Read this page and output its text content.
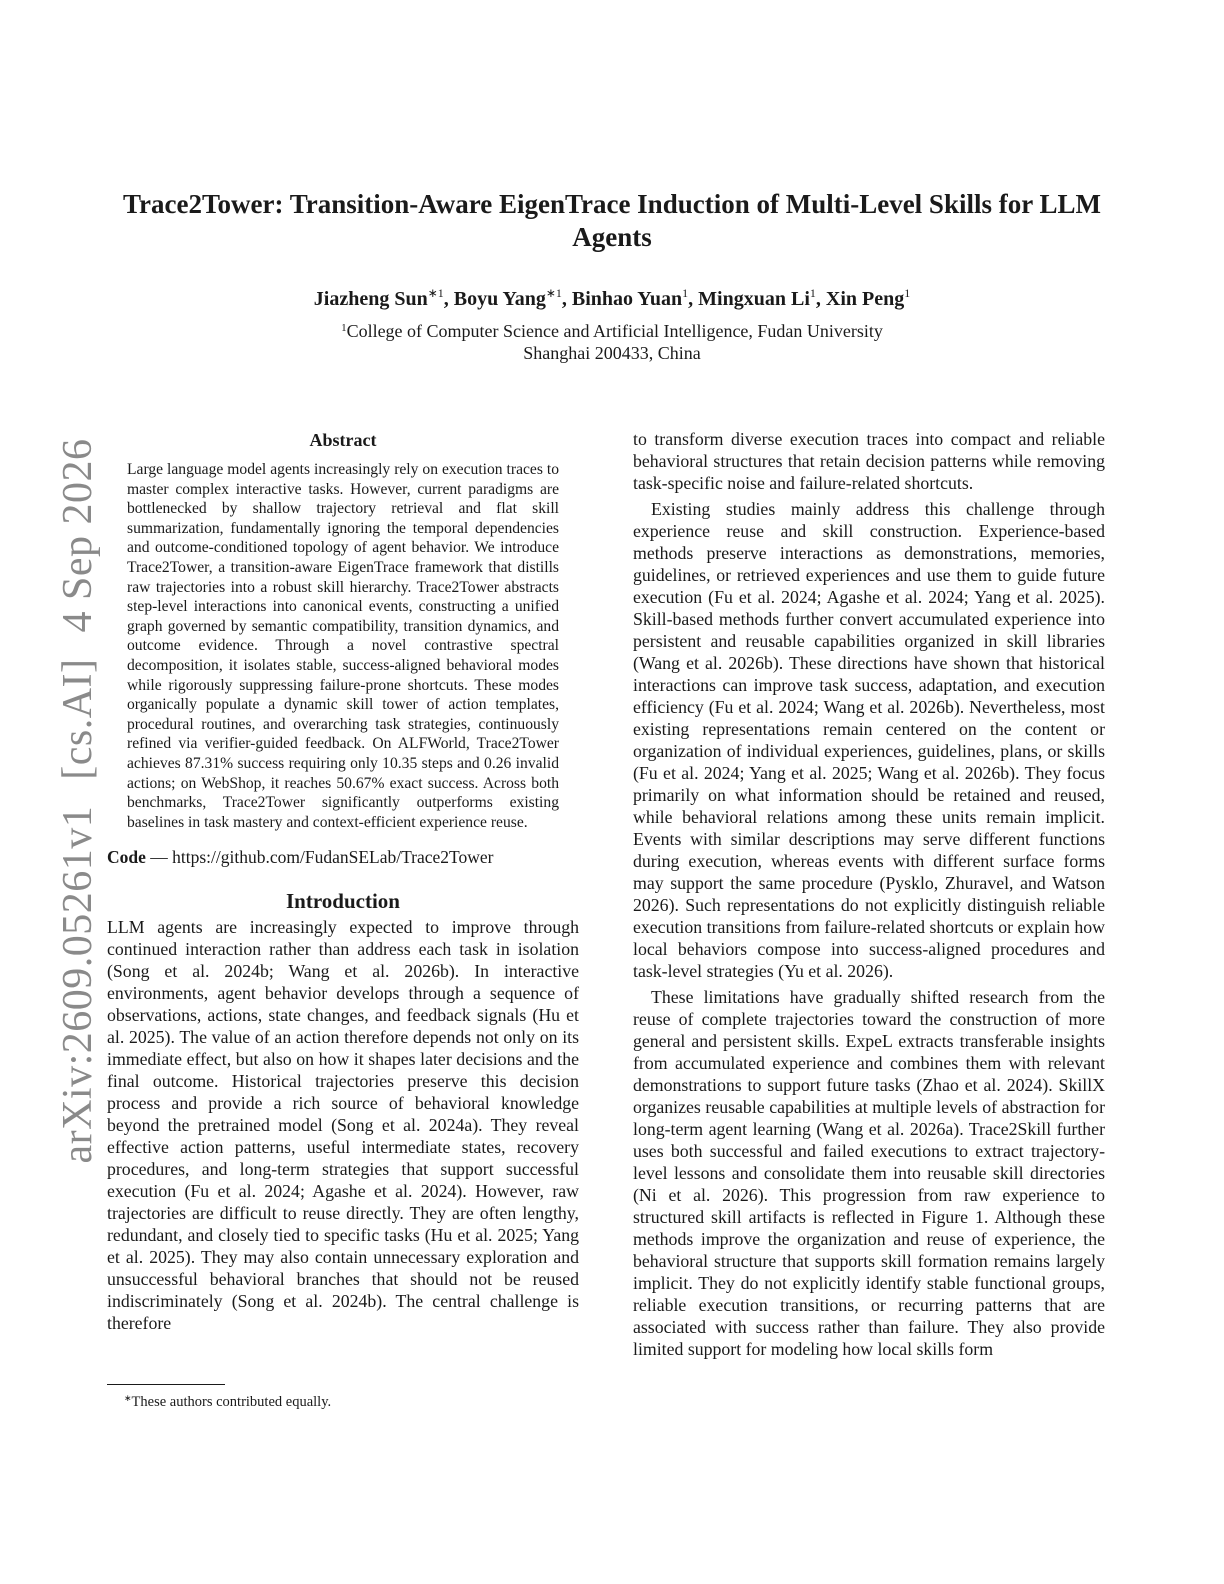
arXiv:2609.05261v1[cs.AI]4 Sep 2026
Trace2Tower: Transition-Aware EigenTrace Induction of Multi-Level Skills for LLM Agents
Jiazheng Sun$^{∗1}$, Boyu Yang$^{∗1}$, Binhao Yuan$^1$, Mingxuan Li$^1$, Xin Peng$^1$
$^1$College of Computer Science and Artificial Intelligence, Fudan University
Shanghai 200433, China
Abstract

Large language model agents increasingly rely on execution traces to master complex interactive tasks. However, current paradigms are bottlenecked by shallow trajectory retrieval and flat skill summarization, fundamentally ignoring the temporal dependencies and outcome-conditioned topology of agent behavior. We introduce Trace2Tower, a transition-aware EigenTrace framework that distills raw trajectories into a robust skill hierarchy. Trace2Tower abstracts step-level interactions into canonical events, constructing a unified graph governed by semantic compatibility, transition dynamics, and outcome evidence. Through a novel contrastive spectral decomposition, it isolates stable, success-aligned behavioral modes while rigorously suppressing failure-prone shortcuts. These modes organically populate a dynamic skill tower of action templates, procedural routines, and overarching task strategies, continuously refined via verifier-guided feedback. On ALFWorld, Trace2Tower achieves 87.31% success requiring only 10.35 steps and 0.26 invalid actions; on WebShop, it reaches 50.67% exact success. Across both benchmarks, Trace2Tower significantly outperforms existing baselines in task mastery and context-efficient experience reuse.

Code — https://github.com/FudanSELab/Trace2Tower
Introduction

LLM agents are increasingly expected to improve through continued interaction rather than address each task in isolation (Song et al. 2024b; Wang et al. 2026b). In interactive environments, agent behavior develops through a sequence of observations, actions, state changes, and feedback signals (Hu et al. 2025). The value of an action therefore depends not only on its immediate effect, but also on how it shapes later decisions and the final outcome. Historical trajectories preserve this decision process and provide a rich source of behavioral knowledge beyond the pretrained model (Song et al. 2024a). They reveal effective action patterns, useful intermediate states, recovery procedures, and long-term strategies that support successful execution (Fu et al. 2024; Agashe et al. 2024). However, raw trajectories are difficult to reuse directly. They are often lengthy, redundant, and closely tied to specific tasks (Hu et al. 2025; Yang et al. 2025). They may also contain unnecessary exploration and unsuccessful behavioral branches that should not be reused indiscriminately (Song et al. 2024b). The central challenge is therefore

to transform diverse execution traces into compact and reliable behavioral structures that retain decision patterns while removing task-specific noise and failure-related shortcuts.

Existing studies mainly address this challenge through experience reuse and skill construction. Experience-based methods preserve interactions as demonstrations, memories, guidelines, or retrieved experiences and use them to guide future execution (Fu et al. 2024; Agashe et al. 2024; Yang et al. 2025). Skill-based methods further convert accumulated experience into persistent and reusable capabilities organized in skill libraries (Wang et al. 2026b). These directions have shown that historical interactions can improve task success, adaptation, and execution efficiency (Fu et al. 2024; Wang et al. 2026b). Nevertheless, most existing representations remain centered on the content or organization of individual experiences, guidelines, plans, or skills (Fu et al. 2024; Yang et al. 2025; Wang et al. 2026b). They focus primarily on what information should be retained and reused, while behavioral relations among these units remain implicit. Events with similar descriptions may serve different functions during execution, whereas events with different surface forms may support the same procedure (Pysklo, Zhuravel, and Watson 2026). Such representations do not explicitly distinguish reliable execution transitions from failure-related shortcuts or explain how local behaviors compose into success-aligned procedures and task-level strategies (Yu et al. 2026).

These limitations have gradually shifted research from the reuse of complete trajectories toward the construction of more general and persistent skills. ExpeL extracts transferable insights from accumulated experience and combines them with relevant demonstrations to support future tasks (Zhao et al. 2024). SkillX organizes reusable capabilities at multiple levels of abstraction for long-term agent learning (Wang et al. 2026a). Trace2Skill further uses both successful and failed executions to extract trajectory-level lessons and consolidate them into reusable skill directories (Ni et al. 2026). This progression from raw experience to structured skill artifacts is reflected in Figure 1. Although these methods improve the organization and reuse of experience, the behavioral structure that supports skill formation remains largely implicit. They do not explicitly identify stable functional groups, reliable execution transitions, or recurring patterns that are associated with success rather than failure. They also provide limited support for modeling how local skills form

∗These authors contributed equally.
